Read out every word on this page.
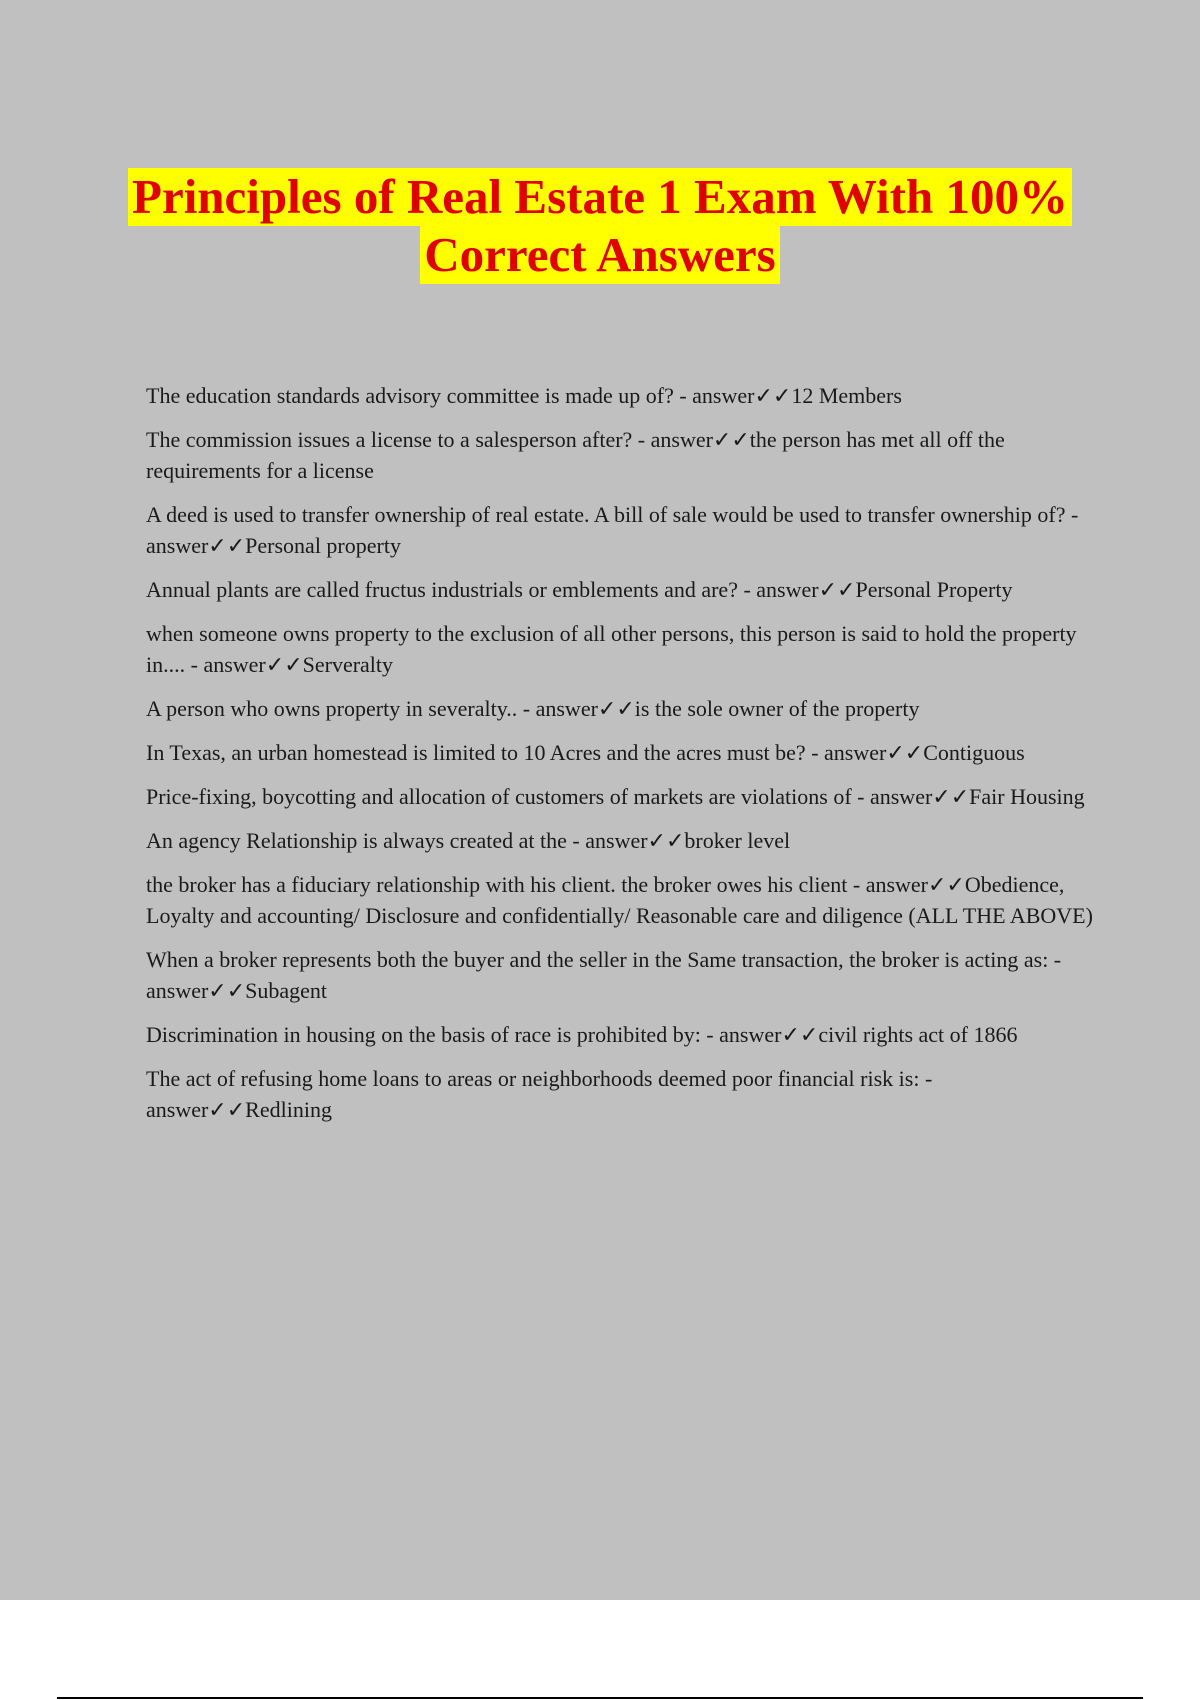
Principles of Real Estate 1 Exam With 100%
Correct Answers
The education standards advisory committee is made up of? - answer✓✓12 Members
The commission issues a license to a salesperson after? - answer✓✓the person has met all off the requirements for a license
A deed is used to transfer ownership of real estate. A bill of sale would be used to transfer ownership of? - answer✓✓Personal property
Annual plants are called fructus industrials or emblements and are? - answer✓✓Personal Property
when someone owns property to the exclusion of all other persons, this person is said to hold the property in.... - answer✓✓Serveralty
A person who owns property in severalty.. - answer✓✓is the sole owner of the property
In Texas, an urban homestead is limited to 10 Acres and the acres must be? - answer✓✓Contiguous
Price-fixing, boycotting and allocation of customers of markets are violations of - answer✓✓Fair Housing
An agency Relationship is always created at the - answer✓✓broker level
the broker has a fiduciary relationship with his client. the broker owes his client - answer✓✓Obedience, Loyalty and accounting/ Disclosure and confidentially/ Reasonable care and diligence (ALL THE ABOVE)
When a broker represents both the buyer and the seller in the Same transaction, the broker is acting as: - answer✓✓Subagent
Discrimination in housing on the basis of race is prohibited by: - answer✓✓civil rights act of 1866
The act of refusing home loans to areas or neighborhoods deemed poor financial risk is: - answer✓✓Redlining
